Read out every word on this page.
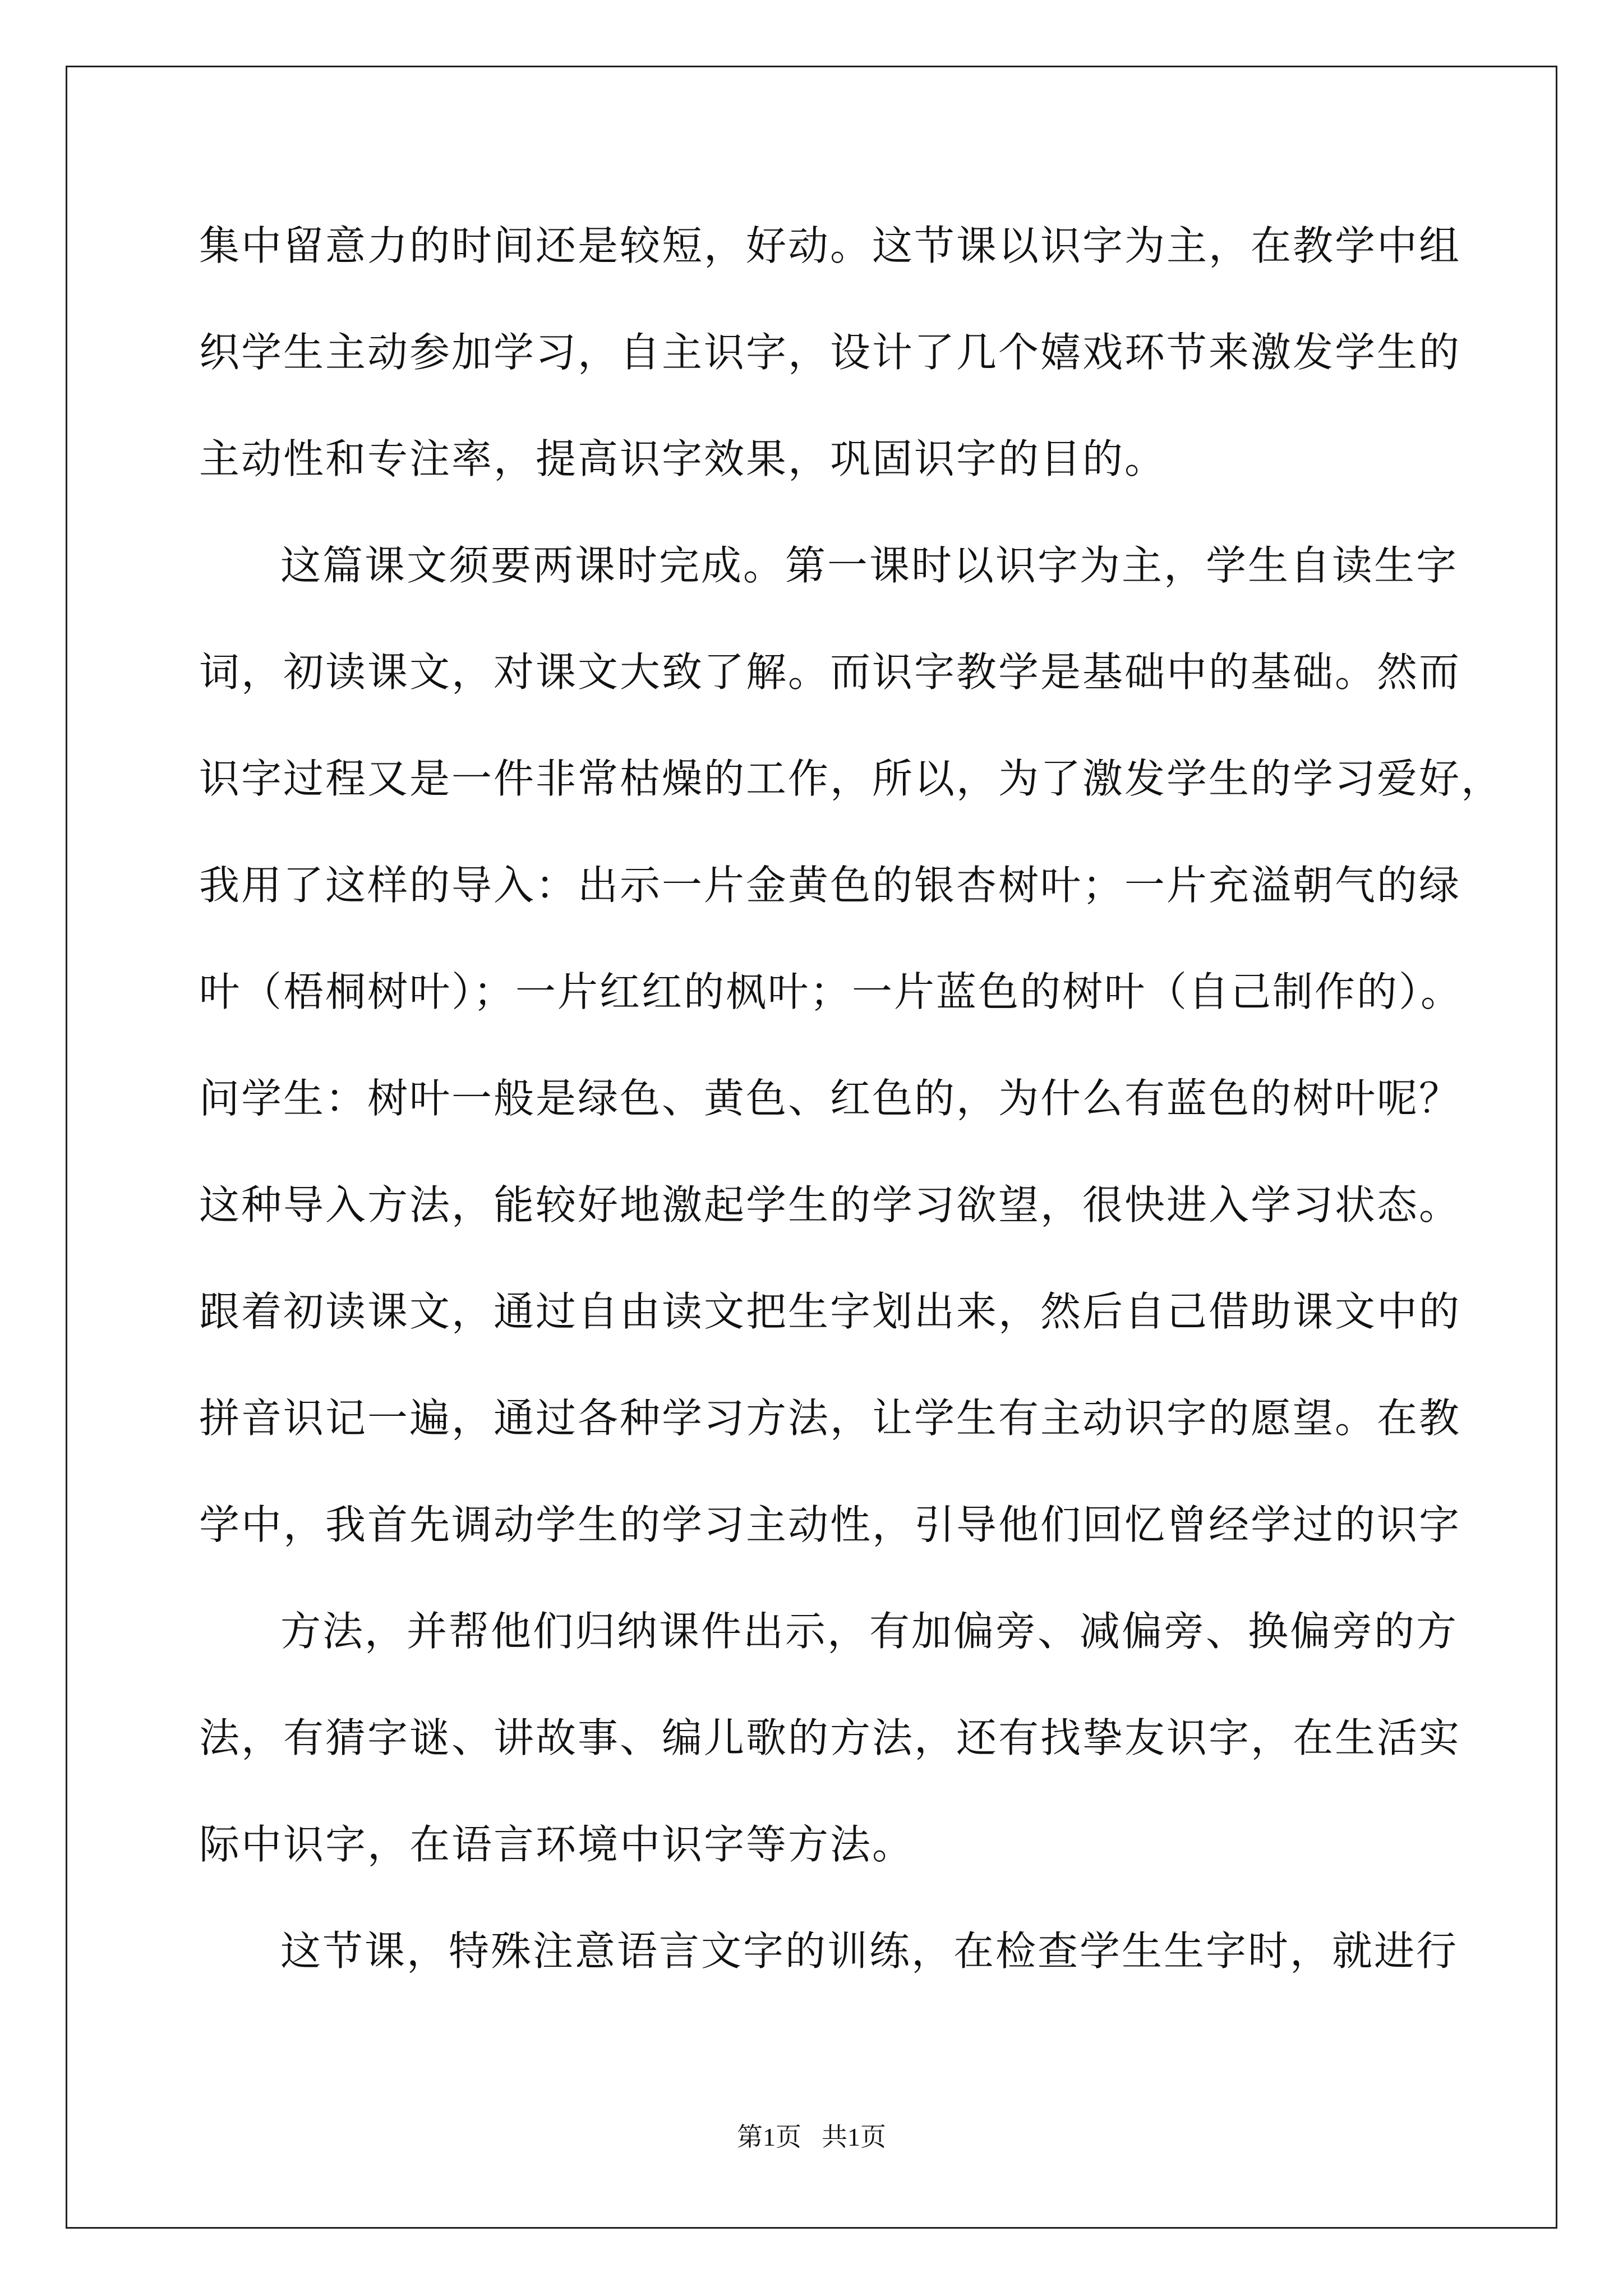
集中留意力的时间还是较短，好动。这节课以识字为主，在教学中组
织学生主动参加学习，自主识字，设计了几个嬉戏环节来激发学生的
主动性和专注率，提高识字效果，巩固识字的目的。
这篇课文须要两课时完成。第一课时以识字为主，学生自读生字
词，初读课文，对课文大致了解。而识字教学是基础中的基础。然而
识字过程又是一件非常枯燥的工作，所以，为了激发学生的学习爱好，
我用了这样的导入：出示一片金黄色的银杏树叶；一片充溢朝气的绿
叶（梧桐树叶）；一片红红的枫叶；一片蓝色的树叶（自己制作的）。
问学生：树叶一般是绿色、黄色、红色的，为什么有蓝色的树叶呢？
这种导入方法，能较好地激起学生的学习欲望，很快进入学习状态。
跟着初读课文，通过自由读文把生字划出来，然后自己借助课文中的
拼音识记一遍，通过各种学习方法，让学生有主动识字的愿望。在教
学中，我首先调动学生的学习主动性，引导他们回忆曾经学过的识字
方法，并帮他们归纳课件出示，有加偏旁、减偏旁、换偏旁的方
法，有猜字谜、讲故事、编儿歌的方法，还有找挚友识字，在生活实
际中识字，在语言环境中识字等方法。
这节课，特殊注意语言文字的训练，在检查学生生字时，就进行
第1页 共1页
